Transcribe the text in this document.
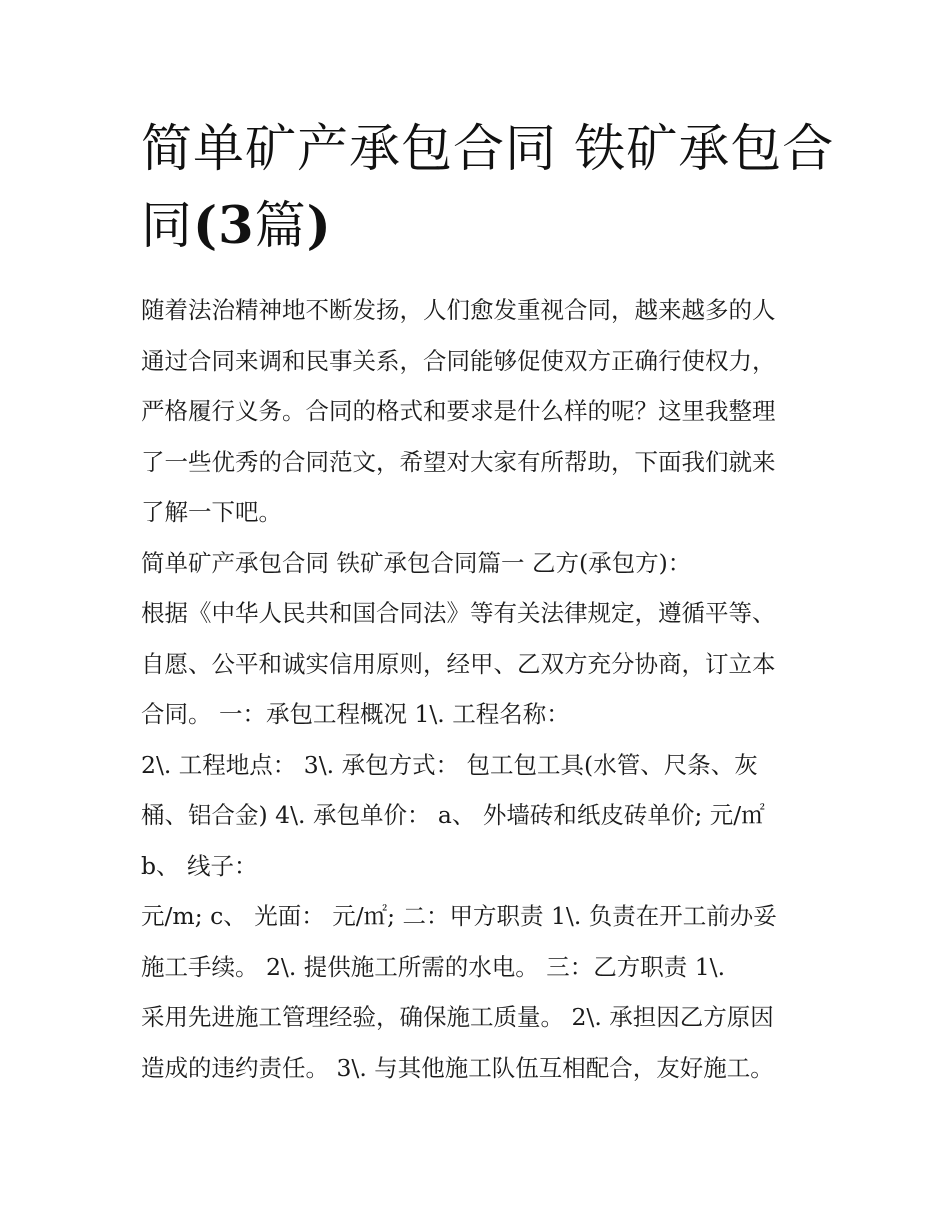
简单矿产承包合同 铁矿承包合
同(3篇)
随着法治精神地不断发扬，人们愈发重视合同，越来越多的人
通过合同来调和民事关系，合同能够促使双方正确行使权力，
严格履行义务。合同的格式和要求是什么样的呢？这里我整理
了一些优秀的合同范文，希望对大家有所帮助，下面我们就来
了解一下吧。
简单矿产承包合同 铁矿承包合同篇一 乙方(承包方)：
根据《中华人民共和国合同法》等有关法律规定，遵循平等、
自愿、公平和诚实信用原则，经甲、乙双方充分协商，订立本
合同。 一：承包工程概况 1\. 工程名称：
2\. 工程地点： 3\. 承包方式： 包工包工具(水管、尺条、灰
桶、铝合金) 4\. 承包单价： a、 外墙砖和纸皮砖单价; 元/㎡
b、 线子：
元/m; c、 光面： 元/㎡; 二：甲方职责 1\. 负责在开工前办妥
施工手续。 2\. 提供施工所需的水电。 三：乙方职责 1\.
采用先进施工管理经验，确保施工质量。 2\. 承担因乙方原因
造成的违约责任。 3\. 与其他施工队伍互相配合，友好施工。
